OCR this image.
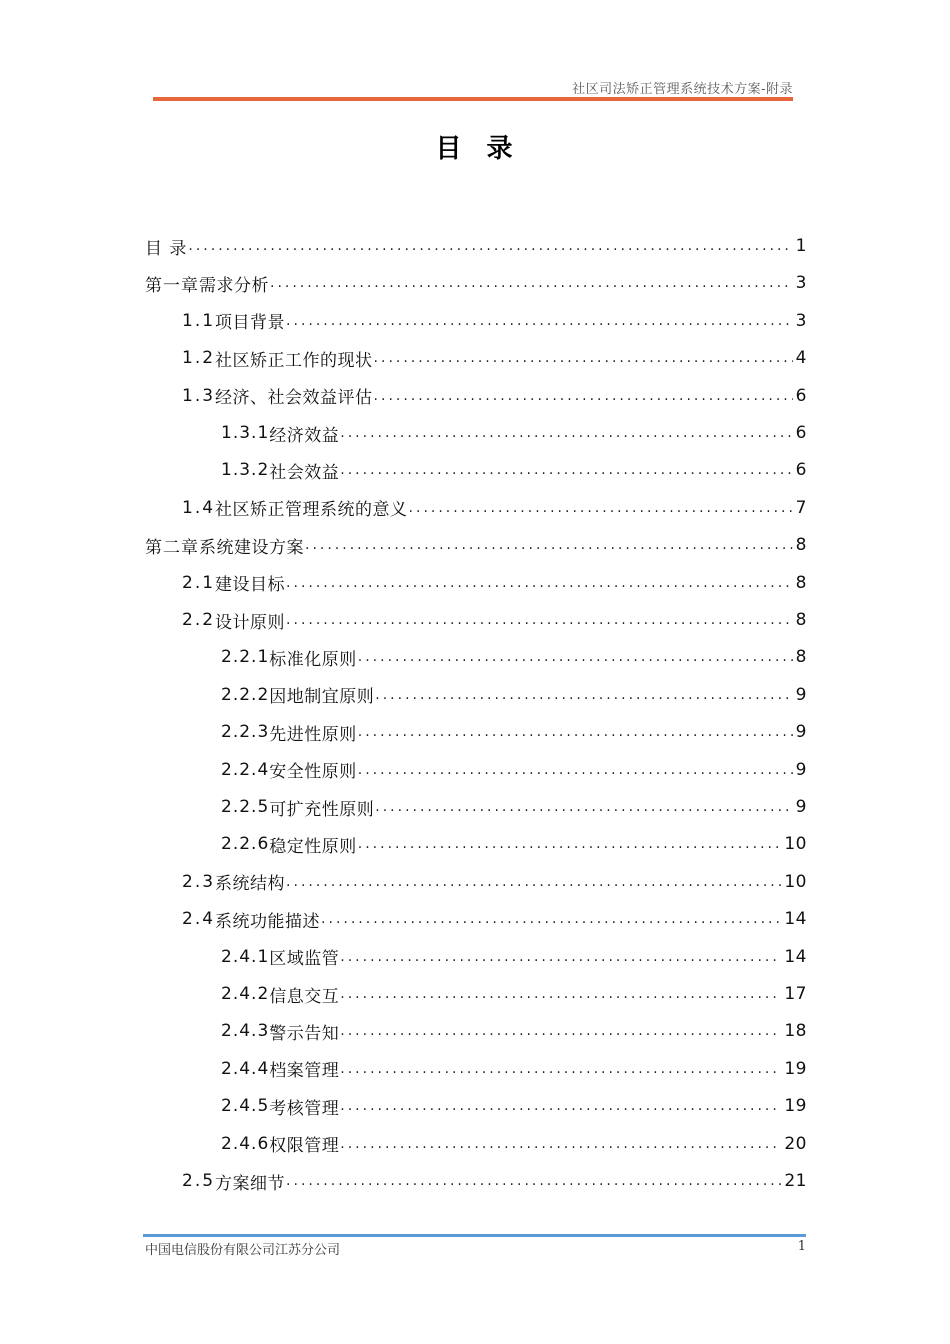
社区司法矫正管理系统技术方案-附录
目 录
目 录 .....	1
第一章 需求分析 .....	3
1.1 项目背景 .....	3
1.2 社区矫正工作的现状 .....	4
1.3 经济、社会效益评估 .....	6
1.3.1 经济效益 .....	6
1.3.2 社会效益 .....	6
1.4 社区矫正管理系统的意义 .....	7
第二章 系统建设方案 .....	8
2.1 建设目标 .....	8
2.2 设计原则 .....	8
2.2.1 标准化原则 .....	8
2.2.2 因地制宜原则 .....	9
2.2.3 先进性原则 .....	9
2.2.4 安全性原则 .....	9
2.2.5 可扩充性原则 .....	9
2.2.6 稳定性原则 .....	10
2.3 系统结构 .....	10
2.4 系统功能描述 .....	14
2.4.1 区域监管 .....	14
2.4.2 信息交互 .....	17
2.4.3 警示告知 .....	18
2.4.4 档案管理 .....	19
2.4.5 考核管理 .....	19
2.4.6 权限管理 .....	20
2.5 方案细节 .....	21
中国电信股份有限公司江苏分公司	1
